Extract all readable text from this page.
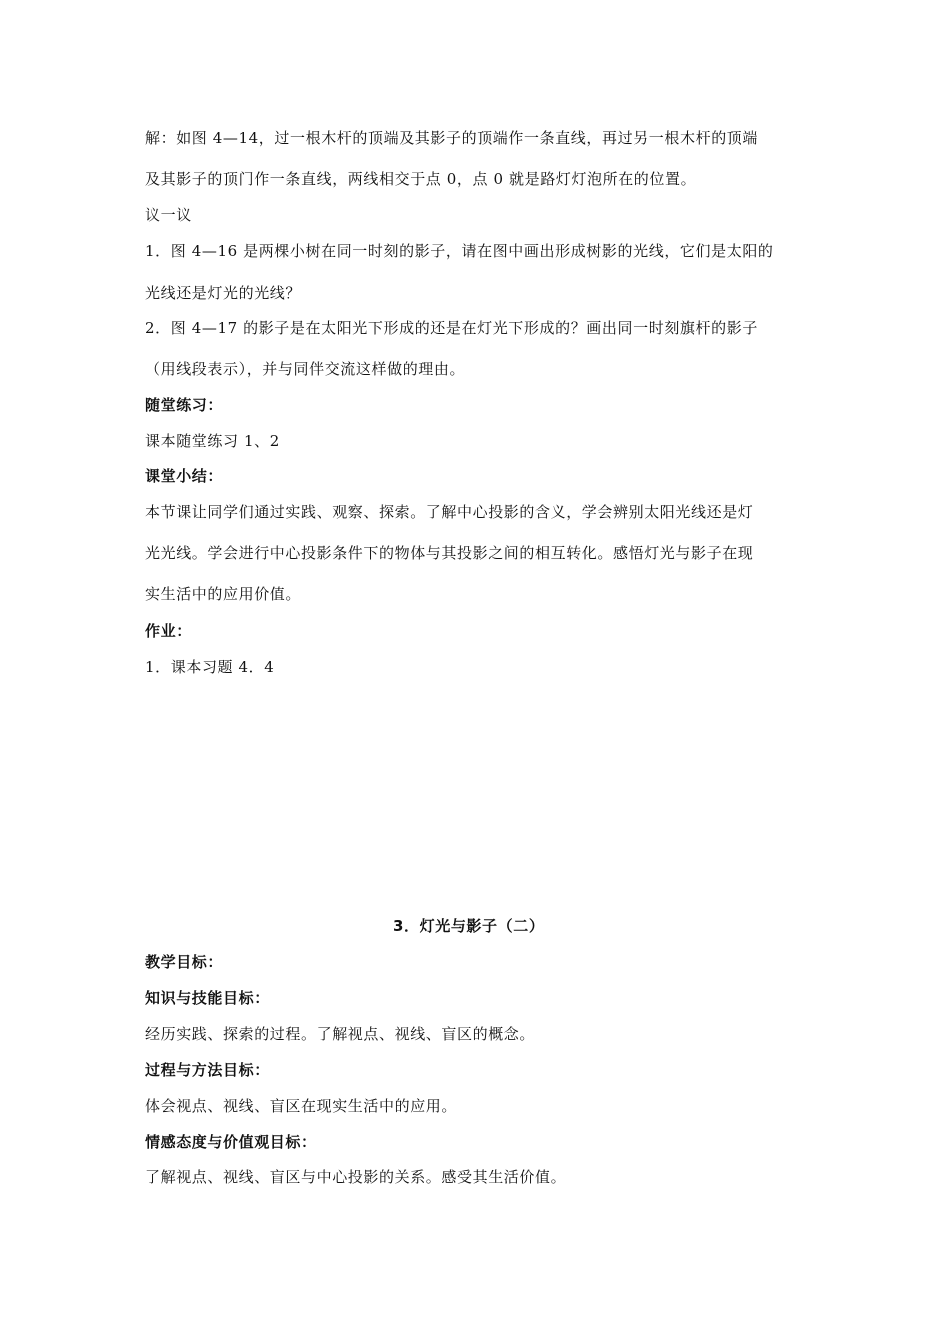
解：如图 4—14，过一根木杆的顶端及其影子的顶端作一条直线，再过另一根木杆的顶端
及其影子的顶门作一条直线，两线相交于点 0，点 0 就是路灯灯泡所在的位置。
议一议
1．图 4—16 是两棵小树在同一时刻的影子，请在图中画出形成树影的光线，它们是太阳的
光线还是灯光的光线？
2．图 4—17 的影子是在太阳光下形成的还是在灯光下形成的？画出同一时刻旗杆的影子
（用线段表示），并与同伴交流这样做的理由。
随堂练习：
课本随堂练习 1、2
课堂小结：
本节课让同学们通过实践、观察、探索。了解中心投影的含义，学会辨别太阳光线还是灯
光光线。学会进行中心投影条件下的物体与其投影之间的相互转化。感悟灯光与影子在现
实生活中的应用价值。
作业：
1．课本习题 4．4
3．灯光与影子（二）
教学目标：
知识与技能目标：
经历实践、探索的过程。了解视点、视线、盲区的概念。
过程与方法目标：
体会视点、视线、盲区在现实生活中的应用。
情感态度与价值观目标：
了解视点、视线、盲区与中心投影的关系。感受其生活价值。
